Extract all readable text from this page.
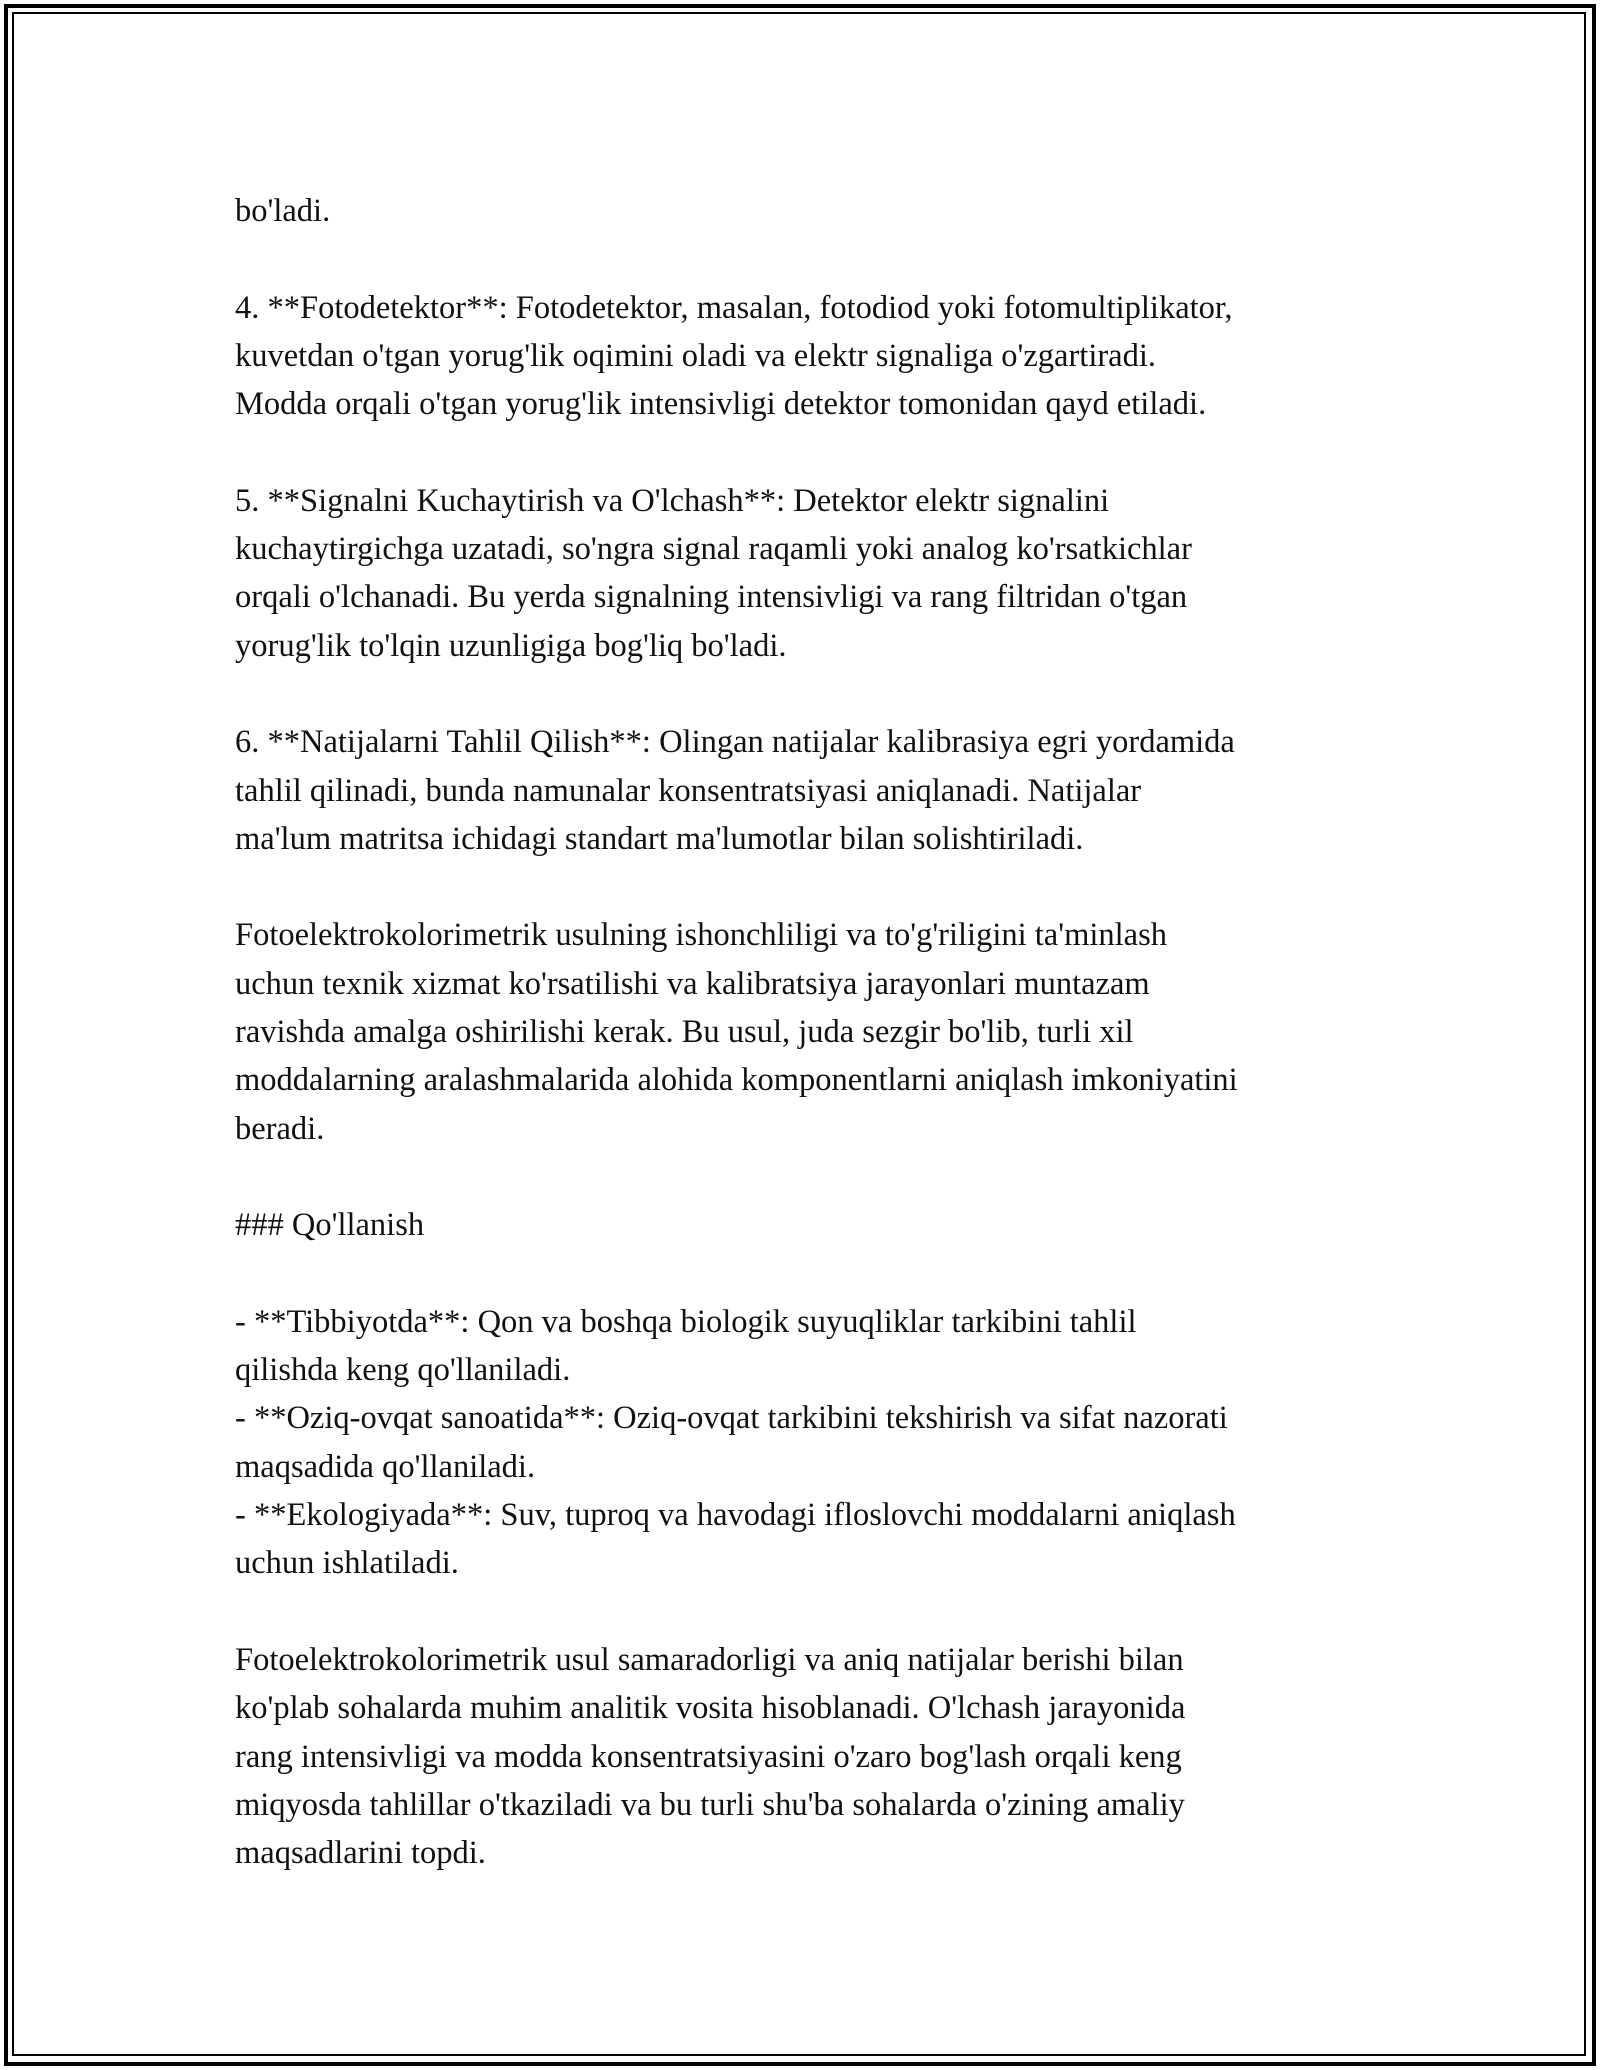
bo'ladi.

4. **Fotodetektor**: Fotodetektor, masalan, fotodiod yoki fotomultiplikator,
kuvetdan o'tgan yorug'lik oqimini oladi va elektr signaliga o'zgartiradi.
Modda orqali o'tgan yorug'lik intensivligi detektor tomonidan qayd etiladi.

5. **Signalni Kuchaytirish va O'lchash**: Detektor elektr signalini
kuchaytirgichga uzatadi, so'ngra signal raqamli yoki analog ko'rsatkichlar
orqali o'lchanadi. Bu yerda signalning intensivligi va rang filtridan o'tgan
yorug'lik to'lqin uzunligiga bog'liq bo'ladi.

6. **Natijalarni Tahlil Qilish**: Olingan natijalar kalibrasiya egri yordamida
tahlil qilinadi, bunda namunalar konsentratsiyasi aniqlanadi. Natijalar
ma'lum matritsa ichidagi standart ma'lumotlar bilan solishtiriladi.

Fotoelektrokolorimetrik usulning ishonchliligi va to'g'riligini ta'minlash
uchun texnik xizmat ko'rsatilishi va kalibratsiya jarayonlari muntazam
ravishda amalga oshirilishi kerak. Bu usul, juda sezgir bo'lib, turli xil
moddalarning aralashmalarida alohida komponentlarni aniqlash imkoniyatini
beradi.

### Qo'llanish

- **Tibbiyotda**: Qon va boshqa biologik suyuqliklar tarkibini tahlil
qilishda keng qo'llaniladi.
- **Oziq-ovqat sanoatida**: Oziq-ovqat tarkibini tekshirish va sifat nazorati
maqsadida qo'llaniladi.
- **Ekologiyada**: Suv, tuproq va havodagi ifloslovchi moddalarni aniqlash
uchun ishlatiladi.

Fotoelektrokolorimetrik usul samaradorligi va aniq natijalar berishi bilan
ko'plab sohalarda muhim analitik vosita hisoblanadi. O'lchash jarayonida
rang intensivligi va modda konsentratsiyasini o'zaro bog'lash orqali keng
miqyosda tahlillar o'tkaziladi va bu turli shu'ba sohalarda o'zining amaliy
maqsadlarini topdi.
